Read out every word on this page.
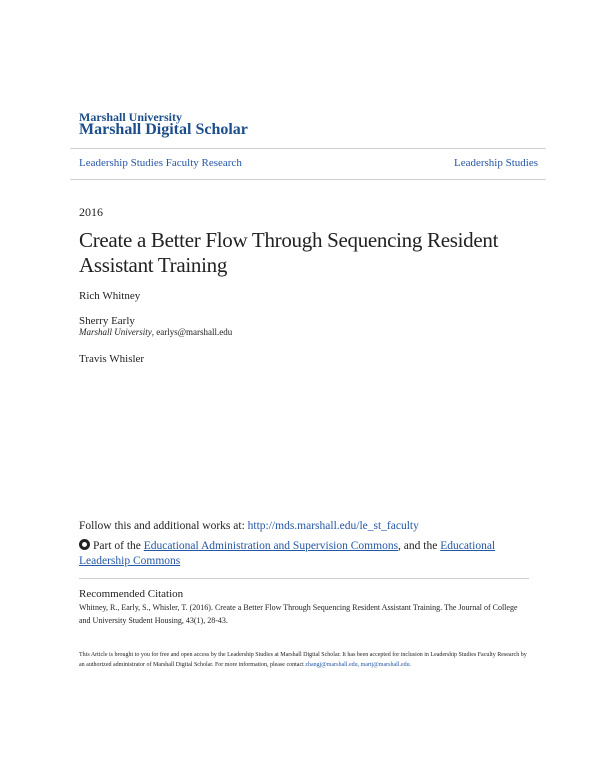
Marshall University
Marshall Digital Scholar
Leadership Studies Faculty Research	Leadership Studies
2016
Create a Better Flow Through Sequencing Resident Assistant Training
Rich Whitney
Sherry Early
Marshall University, earlys@marshall.edu
Travis Whisler
Follow this and additional works at: http://mds.marshall.edu/le_st_faculty
Part of the Educational Administration and Supervision Commons, and the Educational Leadership Commons
Recommended Citation
Whitney, R., Early, S., Whisler, T. (2016). Create a Better Flow Through Sequencing Resident Assistant Training. The Journal of College and University Student Housing, 43(1), 28-43.
This Article is brought to you for free and open access by the Leadership Studies at Marshall Digital Scholar. It has been accepted for inclusion in Leadership Studies Faculty Research by an authorized administrator of Marshall Digital Scholar. For more information, please contact zhangj@marshall.edu, martj@marshall.edu.
